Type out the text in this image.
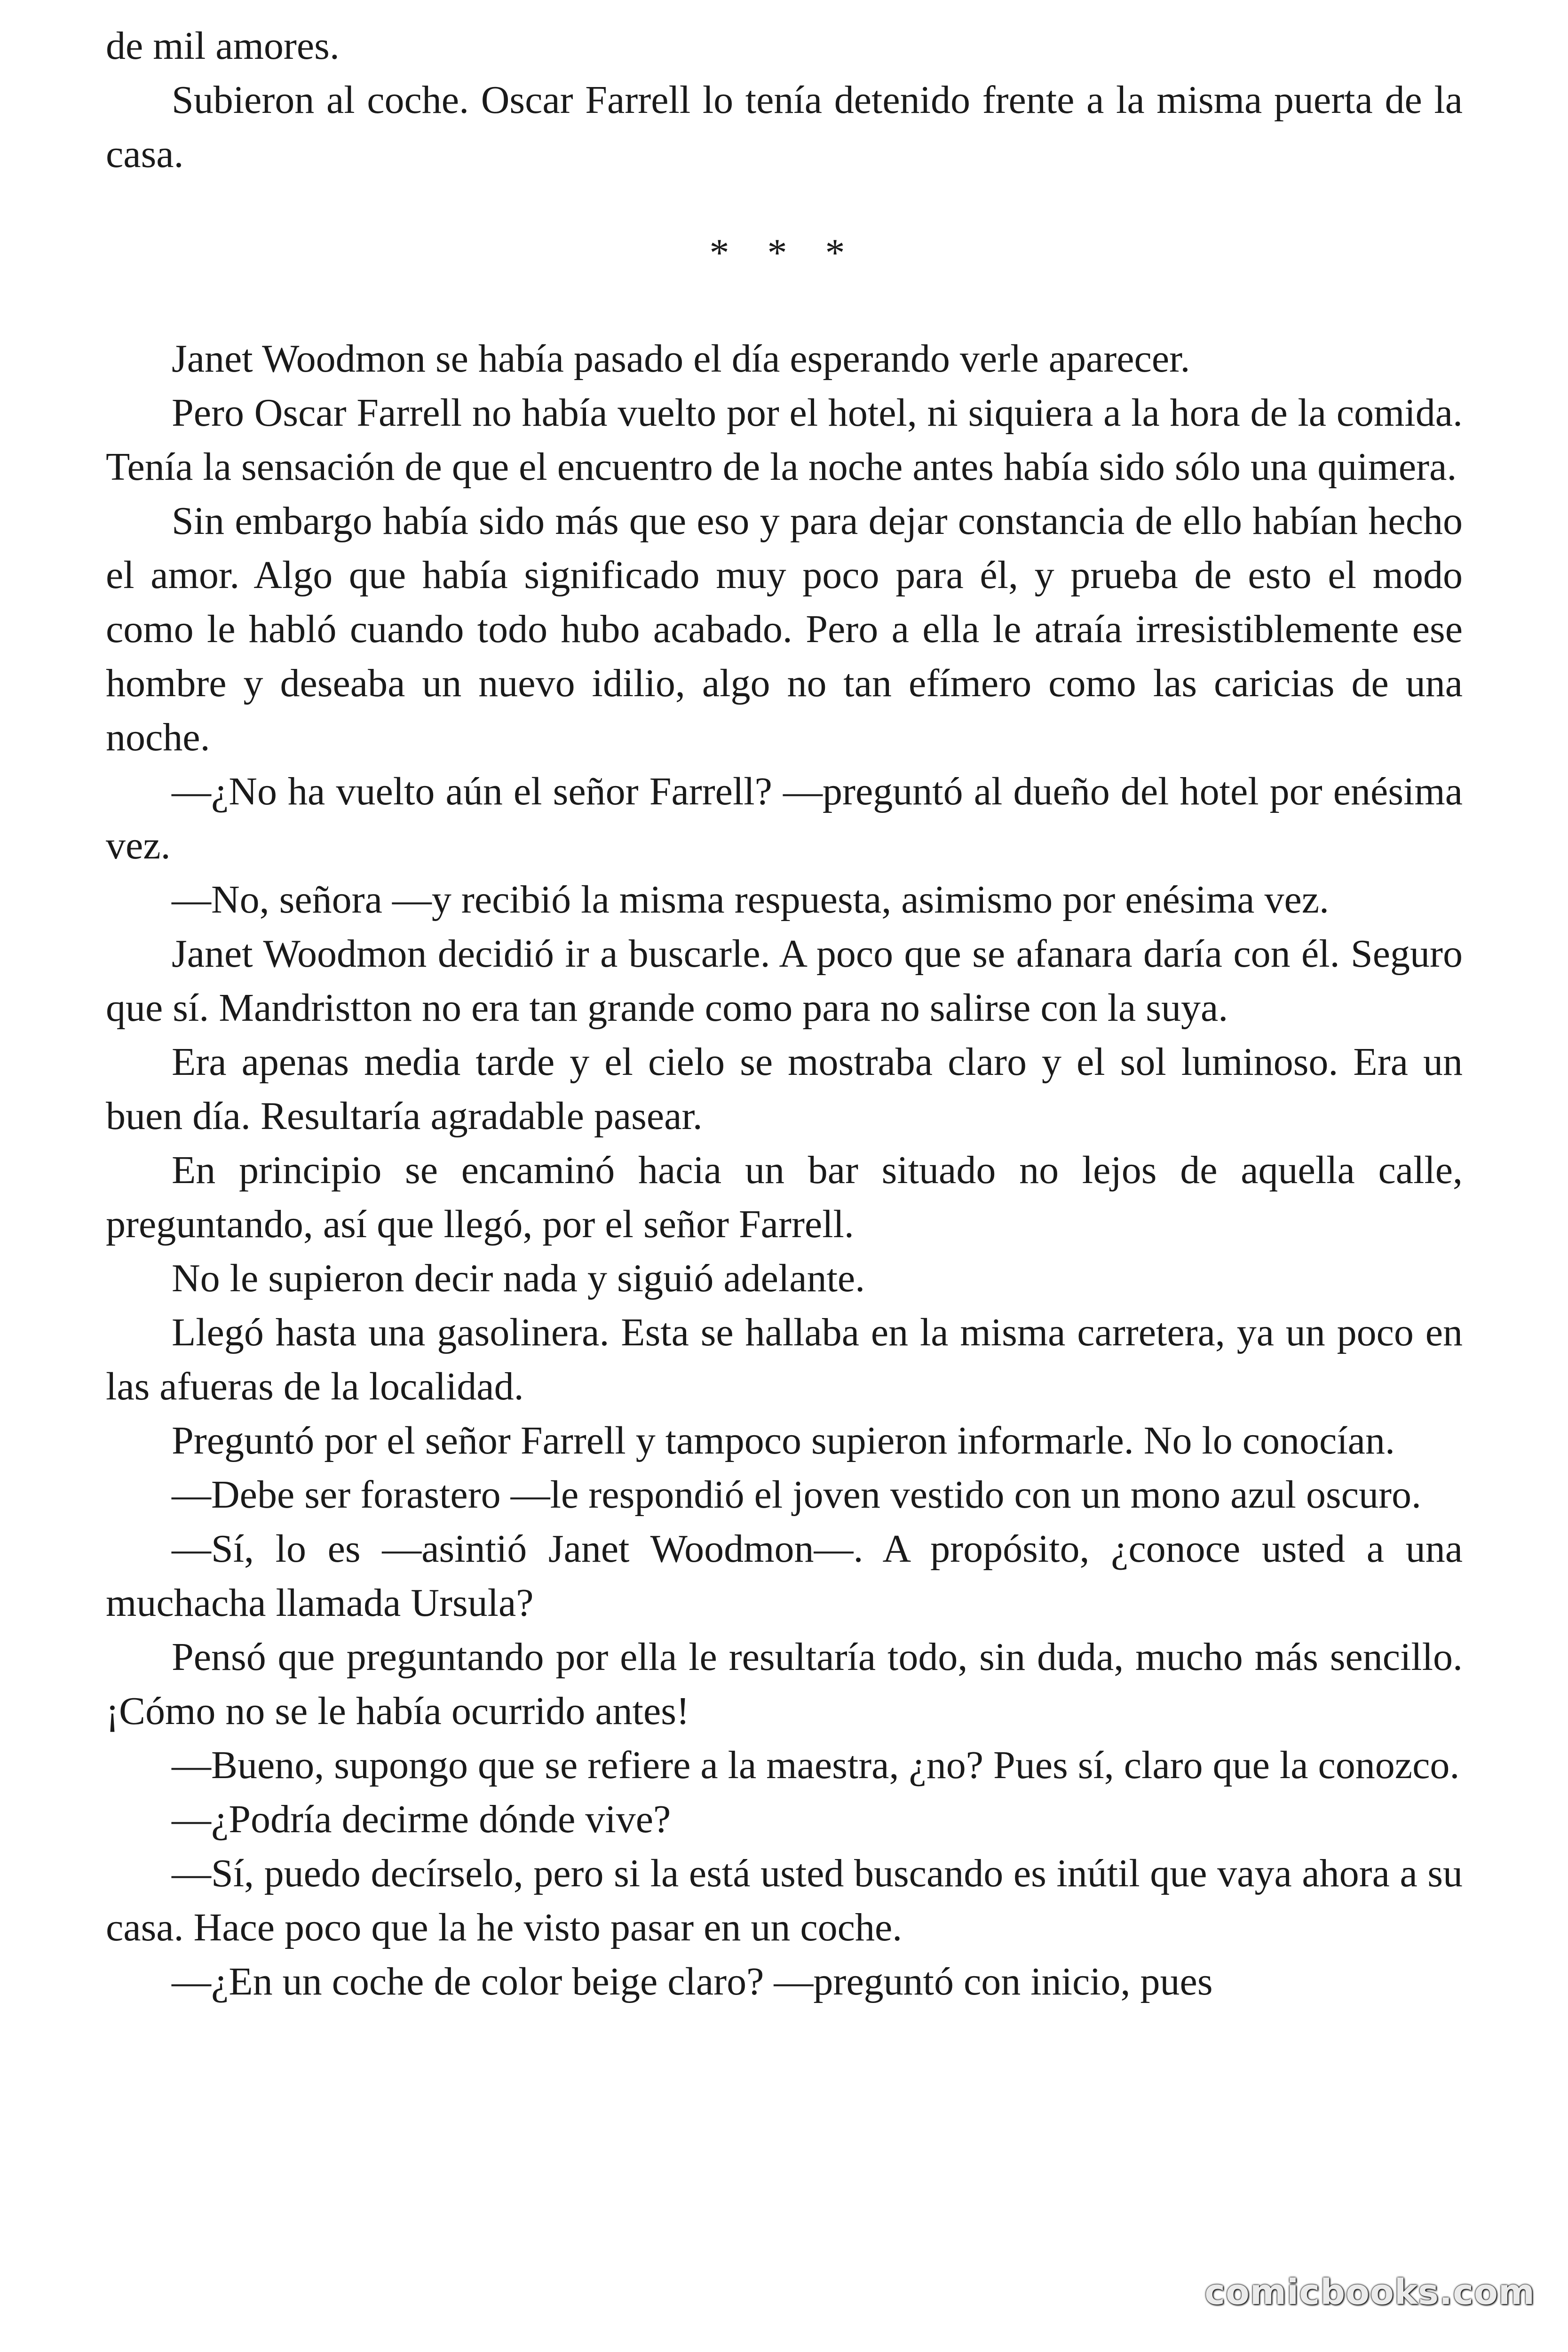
de mil amores.

Subieron al coche. Oscar Farrell lo tenía detenido frente a la misma puerta de la casa.

* * *

Janet Woodmon se había pasado el día esperando verle aparecer.

Pero Oscar Farrell no había vuelto por el hotel, ni siquiera a la hora de la comida. Tenía la sensación de que el encuentro de la noche antes había sido sólo una quimera.

Sin embargo había sido más que eso y para dejar constancia de ello habían hecho el amor. Algo que había significado muy poco para él, y prueba de esto el modo como le habló cuando todo hubo acabado. Pero a ella le atraía irresistiblemente ese hombre y deseaba un nuevo idilio, algo no tan efímero como las caricias de una noche.

—¿No ha vuelto aún el señor Farrell? —preguntó al dueño del hotel por enésima vez.

—No, señora —y recibió la misma respuesta, asimismo por enésima vez.

Janet Woodmon decidió ir a buscarle. A poco que se afanara daría con él. Seguro que sí. Mandristton no era tan grande como para no salirse con la suya.

Era apenas media tarde y el cielo se mostraba claro y el sol luminoso. Era un buen día. Resultaría agradable pasear.

En principio se encaminó hacia un bar situado no lejos de aquella calle, preguntando, así que llegó, por el señor Farrell.

No le supieron decir nada y siguió adelante.

Llegó hasta una gasolinera. Esta se hallaba en la misma carretera, ya un poco en las afueras de la localidad.

Preguntó por el señor Farrell y tampoco supieron informarle. No lo conocían.

—Debe ser forastero —le respondió el joven vestido con un mono azul oscuro.

—Sí, lo es —asintió Janet Woodmon—. A propósito, ¿conoce usted a una muchacha llamada Ursula?

Pensó que preguntando por ella le resultaría todo, sin duda, mucho más sencillo. ¡Cómo no se le había ocurrido antes!

—Bueno, supongo que se refiere a la maestra, ¿no? Pues sí, claro que la conozco.

—¿Podría decirme dónde vive?

—Sí, puedo decírselo, pero si la está usted buscando es inútil que vaya ahora a su casa. Hace poco que la he visto pasar en un coche.

—¿En un coche de color beige claro? —preguntó con inicio, pues

comicbooks.com
